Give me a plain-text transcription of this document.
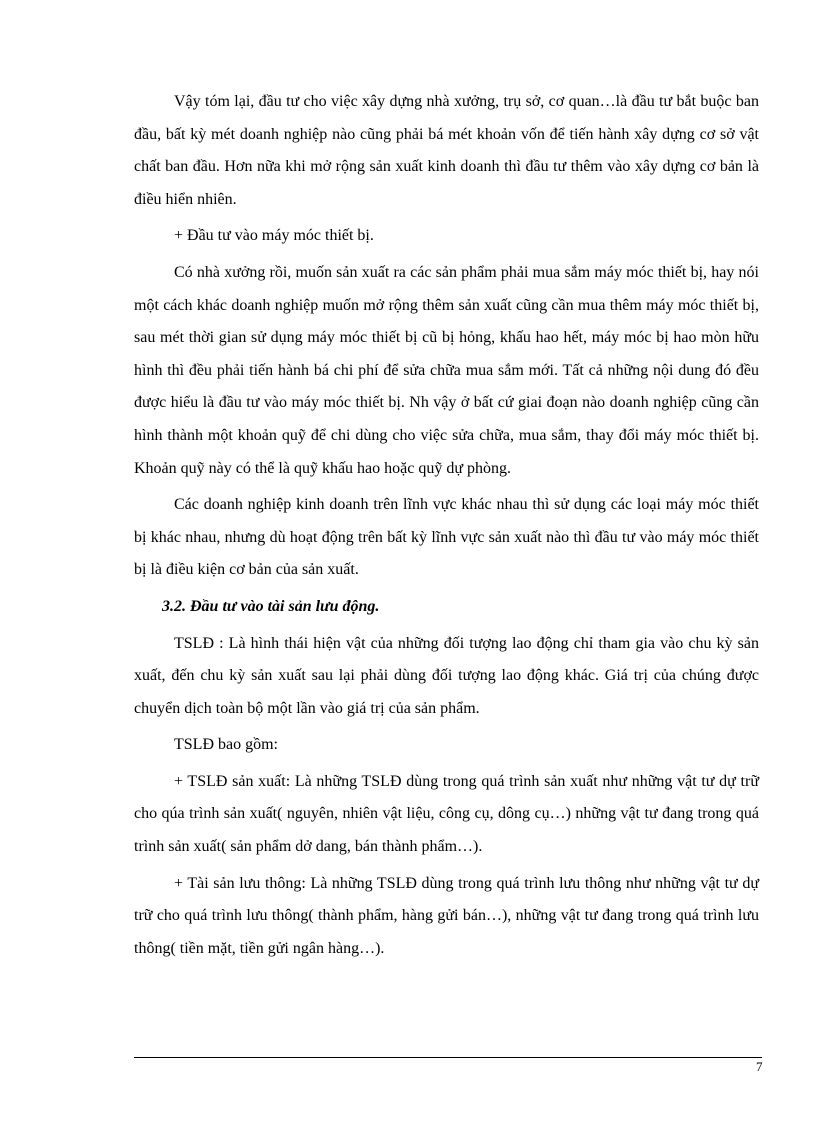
Vậy tóm lại, đầu tư cho việc xây dựng nhà xưởng, trụ sở, cơ quan…là đầu tư bắt buộc ban đầu, bất kỳ mét doanh nghiệp nào cũng phải bá mét khoản vốn để tiến hành xây dựng cơ sở vật chất ban đầu. Hơn nữa khi mở rộng sản xuất kinh doanh thì đầu tư thêm vào xây dựng cơ bản là điều hiển nhiên.

+ Đầu tư vào máy móc thiết bị.

Có nhà xưởng rồi, muốn sản xuất ra các sản phẩm phải mua sắm máy móc thiết bị, hay nói một cách khác doanh nghiệp muốn mở rộng thêm sản xuất cũng cần mua thêm máy móc thiết bị, sau mét thời gian sử dụng máy móc thiết bị cũ bị hỏng, khấu hao hết, máy móc bị hao mòn hữu hình thì đều phải tiến hành bá chi phí để sửa chữa mua sắm mới. Tất cả những nội dung đó đều được hiểu là đầu tư vào máy móc thiết bị. Nh vậy ở bất cứ giai đoạn nào doanh nghiệp cũng cần hình thành một khoản quỹ để chi dùng cho việc sửa chữa, mua sắm, thay đổi máy móc thiết bị. Khoản quỹ này có thể là quỹ khấu hao hoặc quỹ dự phòng.

Các doanh nghiệp kinh doanh trên lĩnh vực khác nhau thì sử dụng các loại máy móc thiết bị khác nhau, nhưng dù hoạt động trên bất kỳ lĩnh vực sản xuất nào thì đầu tư vào máy móc thiết bị là điều kiện cơ bản của sản xuất.

3.2. Đầu tư vào tài sản lưu động.

TSLĐ : Là hình thái hiện vật của những đối tượng lao động chỉ tham gia vào chu kỳ sản xuất, đến chu kỳ sản xuất sau lại phải dùng đối tượng lao động khác. Giá trị của chúng được chuyển dịch toàn bộ một lần vào giá trị của sản phẩm.

TSLĐ bao gồm:

+ TSLĐ sản xuất: Là những TSLĐ dùng trong quá trình sản xuất như những vật tư dự trữ cho qúa trình sản xuất( nguyên, nhiên vật liệu, công cụ, dông cụ…) những vật tư đang trong quá trình sản xuất( sản phẩm dở dang, bán thành phẩm…).

+ Tài sản lưu thông: Là những TSLĐ dùng trong quá trình lưu thông như những vật tư dự trữ cho quá trình lưu thông( thành phẩm, hàng gửi bán…), những vật tư đang trong quá trình lưu thông( tiền mặt, tiền gửi ngân hàng…).

7
